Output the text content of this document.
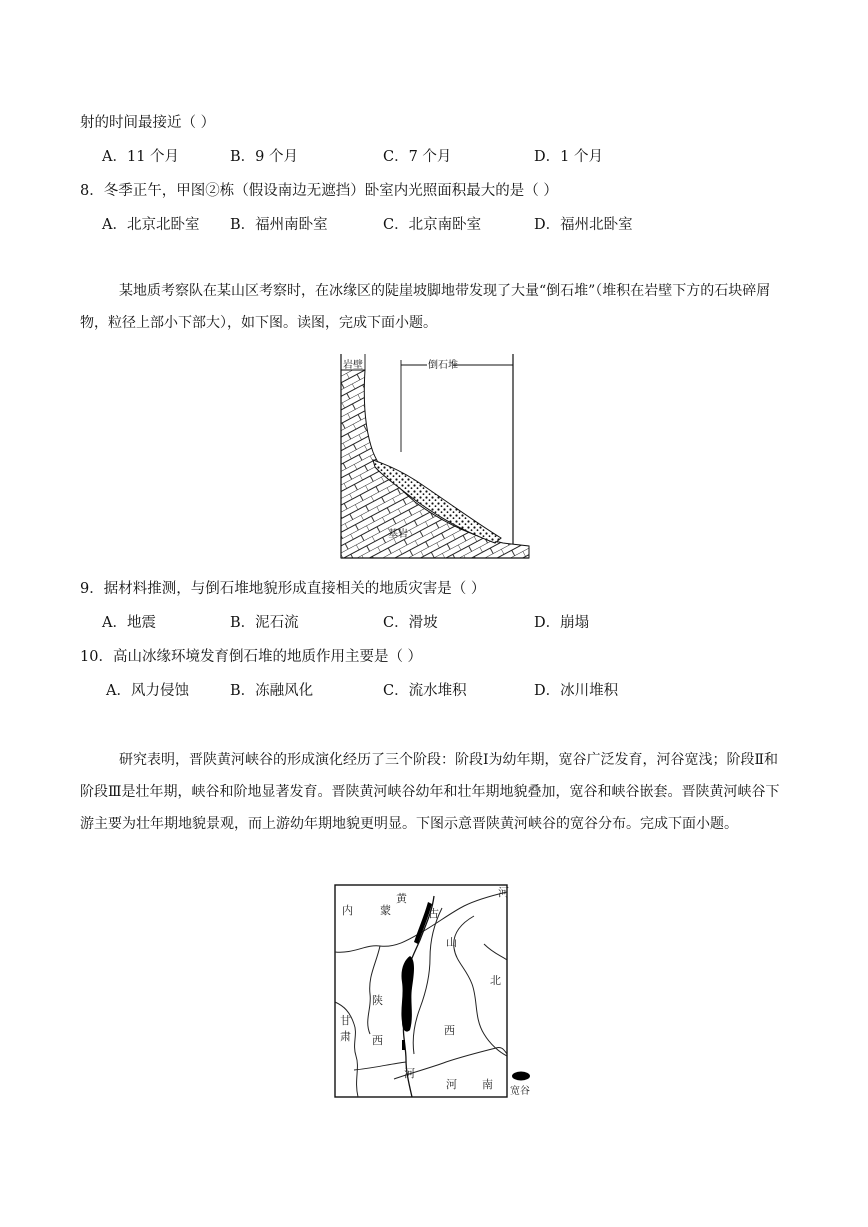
射的时间最接近（ ）
A．11 个月	B．9 个月	C．7 个月	D．1 个月
8．冬季正午，甲图②栋（假设南边无遮挡）卧室内光照面积最大的是（ ）
A．北京北卧室 B．福州南卧室	C．北京南卧室	D．福州北卧室
某地质考察队在某山区考察时，在冰缘区的陡崖坡脚地带发现了大量“倒石堆”（堆积在岩壁下方的石块碎屑物，粒径上部小下部大），如下图。读图，完成下面小题。
岩壁	倒石堆
基岩
9．据材料推测，与倒石堆地貌形成直接相关的地质灾害是（ ）
A．地震	B．泥石流	C．滑坡	D．崩塌
10．高山冰缘环境发育倒石堆的地质作用主要是（ ）
A．风力侵蚀	B．冻融风化	C．流水堆积	D．冰川堆积
研究表明，晋陕黄河峡谷的形成演化经历了三个阶段：阶段Ⅰ为幼年期，宽谷广泛发育，河谷宽浅；阶段Ⅱ和阶段Ⅲ是壮年期，峡谷和阶地显著发育。晋陕黄河峡谷幼年和壮年期地貌叠加，宽谷和峡谷嵌套。晋陕黄河峡谷下游主要为壮年期地貌景观，而上游幼年期地貌更明显。下图示意晋陕黄河峡谷的宽谷分布。完成下面小题。
内 蒙
黄
古
山
北
陕
西
西
甘
肃
河
河 南
河
宽谷
